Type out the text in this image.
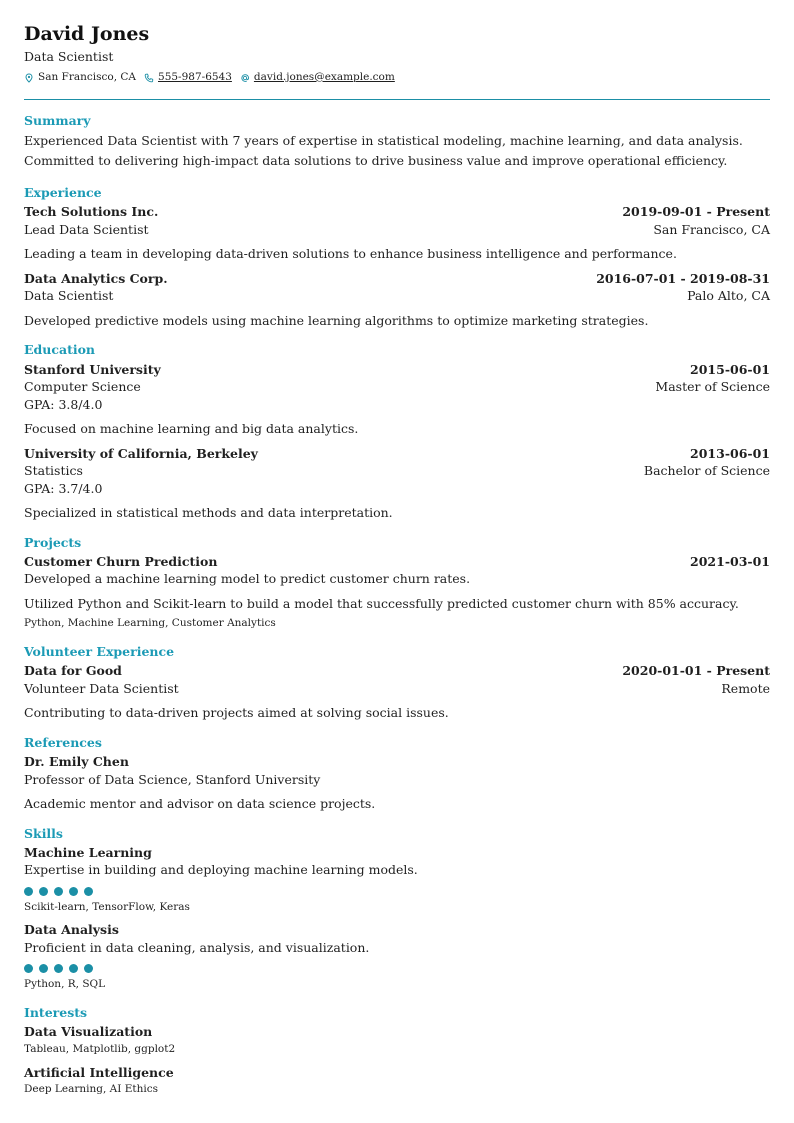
David Jones
Data Scientist
San Francisco, CA 555-987-6543 david.jones@example.com
Summary
Experienced Data Scientist with 7 years of expertise in statistical modeling, machine learning, and data analysis. Committed to delivering high-impact data solutions to drive business value and improve operational efficiency.
Experience
Tech Solutions Inc.	2019-09-01 - Present
Lead Data Scientist	San Francisco, CA
Leading a team in developing data-driven solutions to enhance business intelligence and performance.
Data Analytics Corp.	2016-07-01 - 2019-08-31
Data Scientist	Palo Alto, CA
Developed predictive models using machine learning algorithms to optimize marketing strategies.
Education
Stanford University	2015-06-01
Computer Science	Master of Science
GPA: 3.8/4.0
Focused on machine learning and big data analytics.
University of California, Berkeley	2013-06-01
Statistics	Bachelor of Science
GPA: 3.7/4.0
Specialized in statistical methods and data interpretation.
Projects
Customer Churn Prediction	2021-03-01
Developed a machine learning model to predict customer churn rates.
Utilized Python and Scikit-learn to build a model that successfully predicted customer churn with 85% accuracy.
Python, Machine Learning, Customer Analytics
Volunteer Experience
Data for Good	2020-01-01 - Present
Volunteer Data Scientist	Remote
Contributing to data-driven projects aimed at solving social issues.
References
Dr. Emily Chen
Professor of Data Science, Stanford University
Academic mentor and advisor on data science projects.
Skills
Machine Learning
Expertise in building and deploying machine learning models.
Scikit-learn, TensorFlow, Keras
Data Analysis
Proficient in data cleaning, analysis, and visualization.
Python, R, SQL
Interests
Data Visualization
Tableau, Matplotlib, ggplot2
Artificial Intelligence
Deep Learning, AI Ethics
